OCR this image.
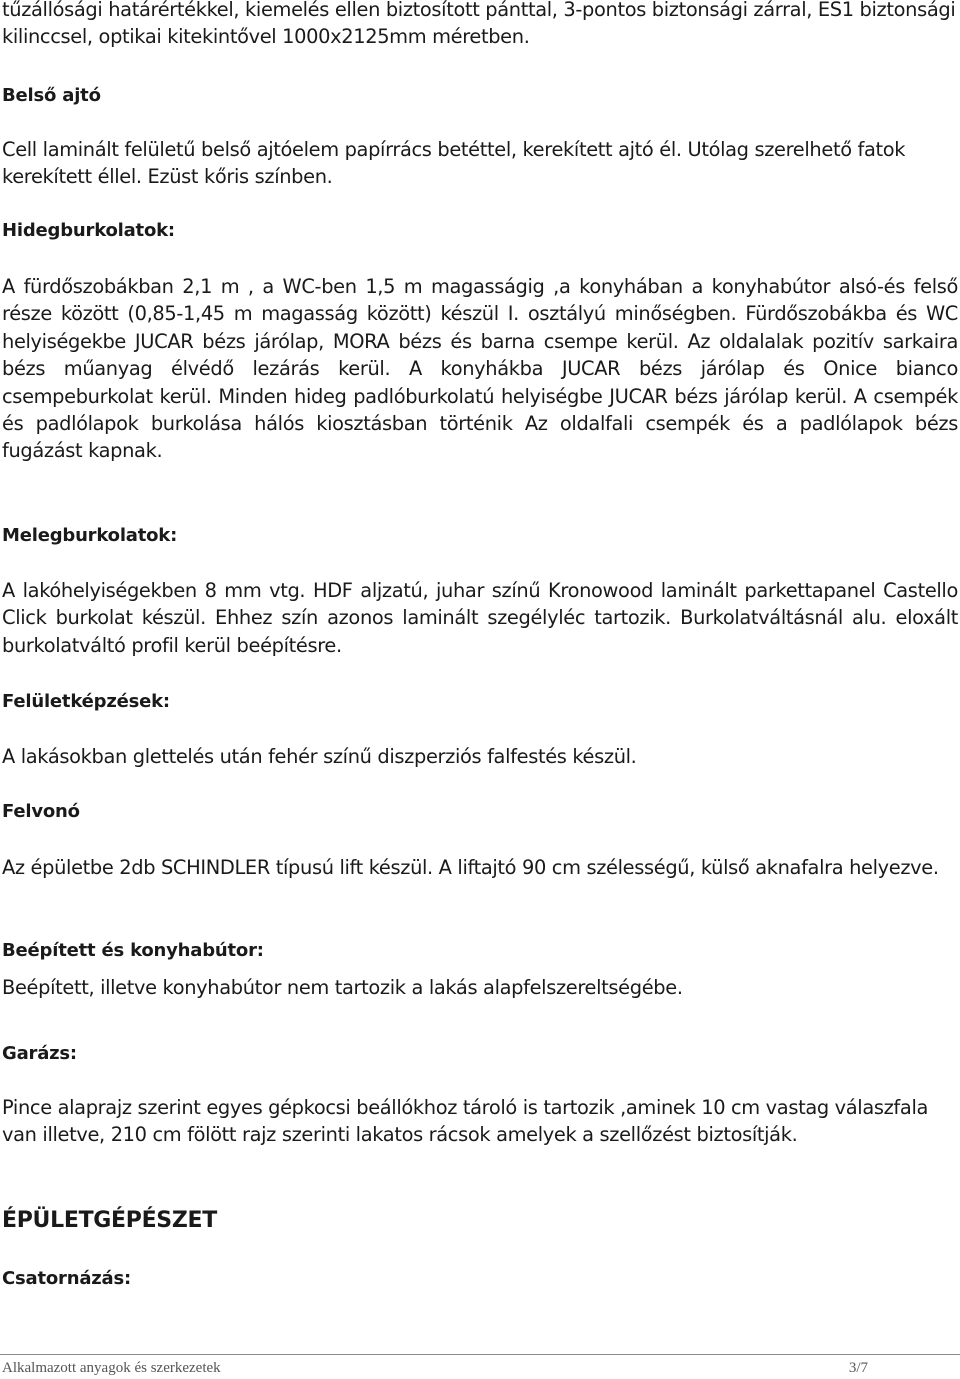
tűzállósági határértékkel, kiemelés ellen biztosított pánttal, 3-pontos biztonsági zárral, ES1 biztonsági kilinccsel, optikai kitekintővel 1000x2125mm méretben.

Belső ajtó

Cell laminált felületű belső ajtóelem papírrács betéttel, kerekített ajtó él. Utólag szerelhető fatok kerekített éllel. Ezüst kőris színben.

Hidegburkolatok:

A fürdőszobákban 2,1 m , a WC-ben 1,5 m magasságig ,a konyhában a konyhabútor alsó-és felső része között (0,85-1,45 m magasság között) készül I. osztályú minőségben. Fürdőszobákba és WC helyiségekbe JUCAR bézs járólap, MORA bézs és barna csempe kerül. Az oldalalak pozitív sarkaira bézs műanyag élvédő lezárás kerül. A konyhákba JUCAR bézs járólap és Onice bianco csempeburkolat kerül. Minden hideg padlóburkolatú helyiségbe JUCAR bézs járólap kerül. A csempék és padlólapok burkolása hálós kiosztásban történik Az oldalfali csempék és a padlólapok bézs fugázást kapnak.

Melegburkolatok:

A lakóhelyiségekben 8 mm vtg. HDF aljzatú, juhar színű Kronowood laminált parkettapanel Castello Click burkolat készül. Ehhez szín azonos laminált szegélyléc tartozik. Burkolatváltásnál alu. eloxált burkolatváltó profil kerül beépítésre.

Felületképzések:

A lakásokban glettelés után fehér színű diszperziós falfestés készül.

Felvonó

Az épületbe 2db SCHINDLER típusú lift készül. A liftajtó 90 cm szélességű, külső aknafalra helyezve.

Beépített és konyhabútor:

Beépített, illetve konyhabútor nem tartozik a lakás alapfelszereltségébe.

Garázs:

Pince alaprajz szerint egyes gépkocsi beállókhoz tároló is tartozik ,aminek 10 cm vastag válaszfala van illetve, 210 cm fölött rajz szerinti lakatos rácsok amelyek a szellőzést biztosítják.

ÉPÜLETGÉPÉSZET
Csatornázás:
Alkalmazott anyagok és szerkezetek	3/7
